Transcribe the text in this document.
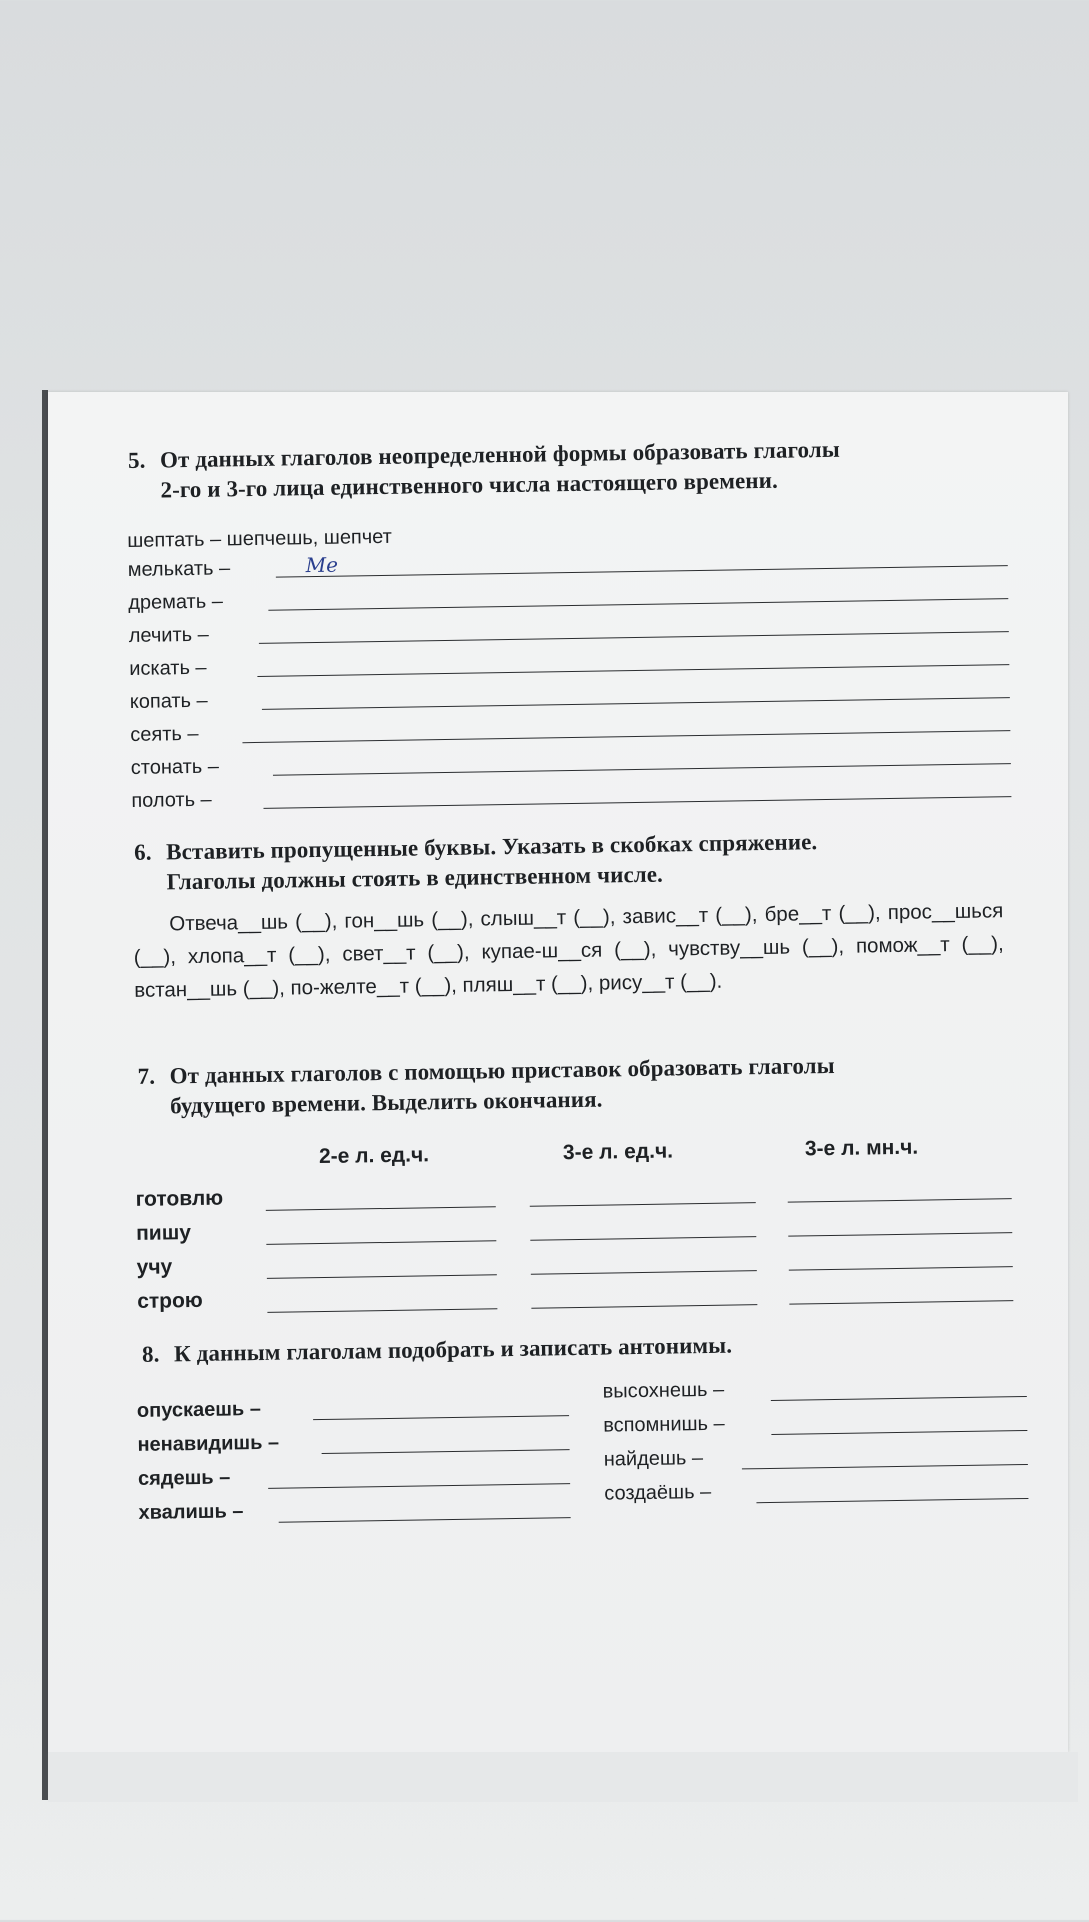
5. От данных глаголов неопределенной формы образовать глаголы
2-го и 3-го лица единственного числа настоящего времени.
шептать – шепчешь, шепчет
мелькать –	Ме
дремать –
лечить –
искать –
копать –
сеять –
стонать –
полоть –
6. Вставить пропущенные буквы. Указать в скобках спряжение.
Глаголы должны стоять в единственном числе.
Отвеча__шь (__), гон__шь (__), слыш__т (__), завис__т (__), бре__т (__), прос__шься (__), хлопа__т (__), свет__т (__), купае-ш__ся (__), чувству__шь (__), помож__т (__), встан__шь (__), по-желте__т (__), пляш__т (__), рису__т (__).
7. От данных глаголов с помощью приставок образовать глаголы
будущего времени. Выделить окончания.
2-е л. ед.ч.	3-е л. ед.ч.	3-е л. мн.ч.
готовлю
пишу
учу
строю
8. К данным глаголам подобрать и записать антонимы.
опускаешь –
ненавидишь –
сядешь –
хвалишь –
высохнешь –
вспомнишь –
найдешь –
создаёшь –
